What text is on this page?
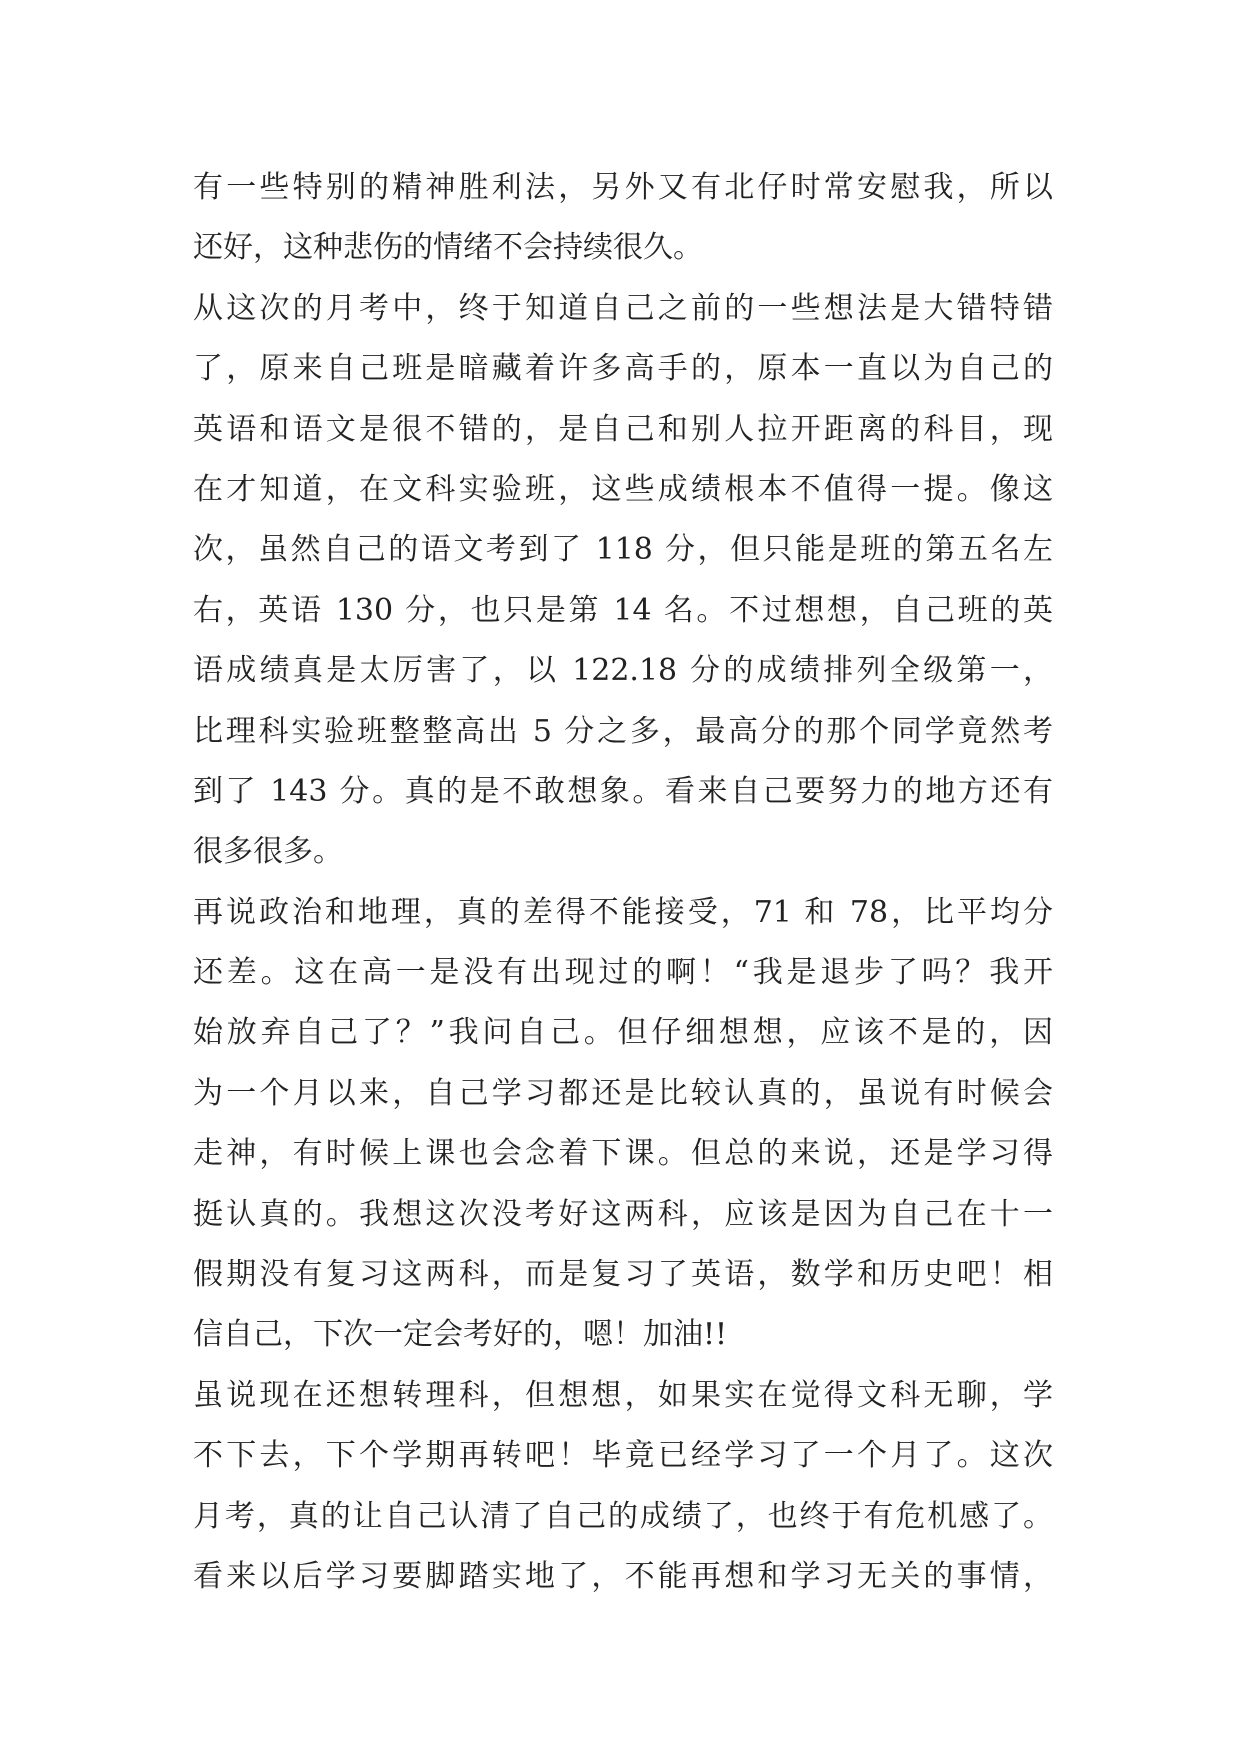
有一些特别的精神胜利法，另外又有北仔时常安慰我，所以
还好，这种悲伤的情绪不会持续很久。
从这次的月考中，终于知道自己之前的一些想法是大错特错
了，原来自己班是暗藏着许多高手的，原本一直以为自己的
英语和语文是很不错的，是自己和别人拉开距离的科目，现
在才知道，在文科实验班，这些成绩根本不值得一提。像这
次，虽然自己的语文考到了 118 分，但只能是班的第五名左
右，英语 130 分，也只是第 14 名。不过想想，自己班的英
语成绩真是太厉害了，以 122.18 分的成绩排列全级第一，
比理科实验班整整高出 5 分之多，最高分的那个同学竟然考
到了 143 分。真的是不敢想象。看来自己要努力的地方还有
很多很多。
再说政治和地理，真的差得不能接受，71 和 78，比平均分
还差。这在高一是没有出现过的啊！“我是退步了吗？我开
始放弃自己了？”我问自己。但仔细想想，应该不是的，因
为一个月以来，自己学习都还是比较认真的，虽说有时候会
走神，有时候上课也会念着下课。但总的来说，还是学习得
挺认真的。我想这次没考好这两科，应该是因为自己在十一
假期没有复习这两科，而是复习了英语，数学和历史吧！相
信自己，下次一定会考好的，嗯！加油!!
虽说现在还想转理科，但想想，如果实在觉得文科无聊，学
不下去，下个学期再转吧！毕竟已经学习了一个月了。这次
月考，真的让自己认清了自己的成绩了，也终于有危机感了。
看来以后学习要脚踏实地了，不能再想和学习无关的事情，
